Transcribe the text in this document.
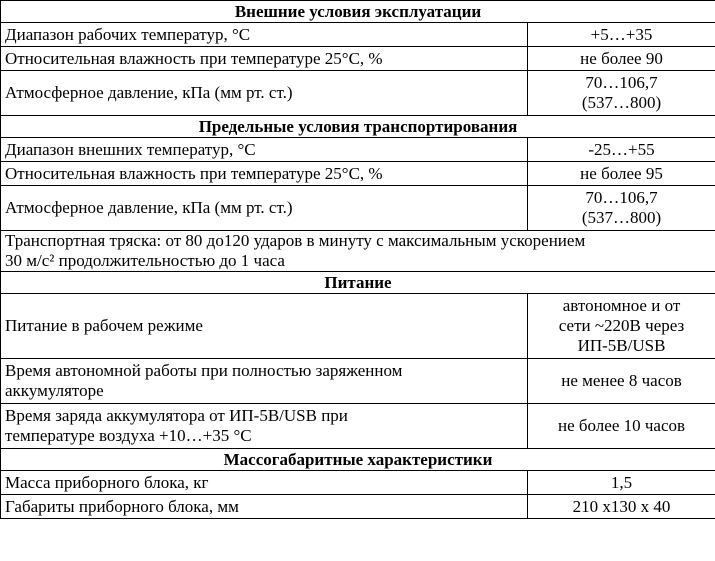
Внешние условия эксплуатации	
Диапазон рабочих температур, °С	+5…+35
Относительная влажность при температуре 25°С, %	не более 90
Атмосферное давление, кПа (мм рт. ст.)	70…106,7
(537…800)

Предельные условия транспортирования	
Диапазон внешних температур, °С	-25…+55
Относительная влажность при температуре 25°С, %	не более 95
Атмосферное давление, кПа (мм рт. ст.)	70…106,7
(537…800)

Транспортная тряска: от 80 до120 ударов в минуту с максимальным ускорением
30 м/с² продолжительностью до 1 часа	

Питание	
Питание в рабочем режиме	автономное и от
сети ~220В через
ИП-5В/USB

Время автономной работы при полностью заряженном
аккумуляторе	не менее 8 часов

Время заряда аккумулятора от ИП-5В/USB при
температуре воздуха +10…+35 °С	не более 10 часов
Массогабаритные характеристики	
Масса приборного блока, кг	1,5
Габариты приборного блока, мм	210 х130 х 40
